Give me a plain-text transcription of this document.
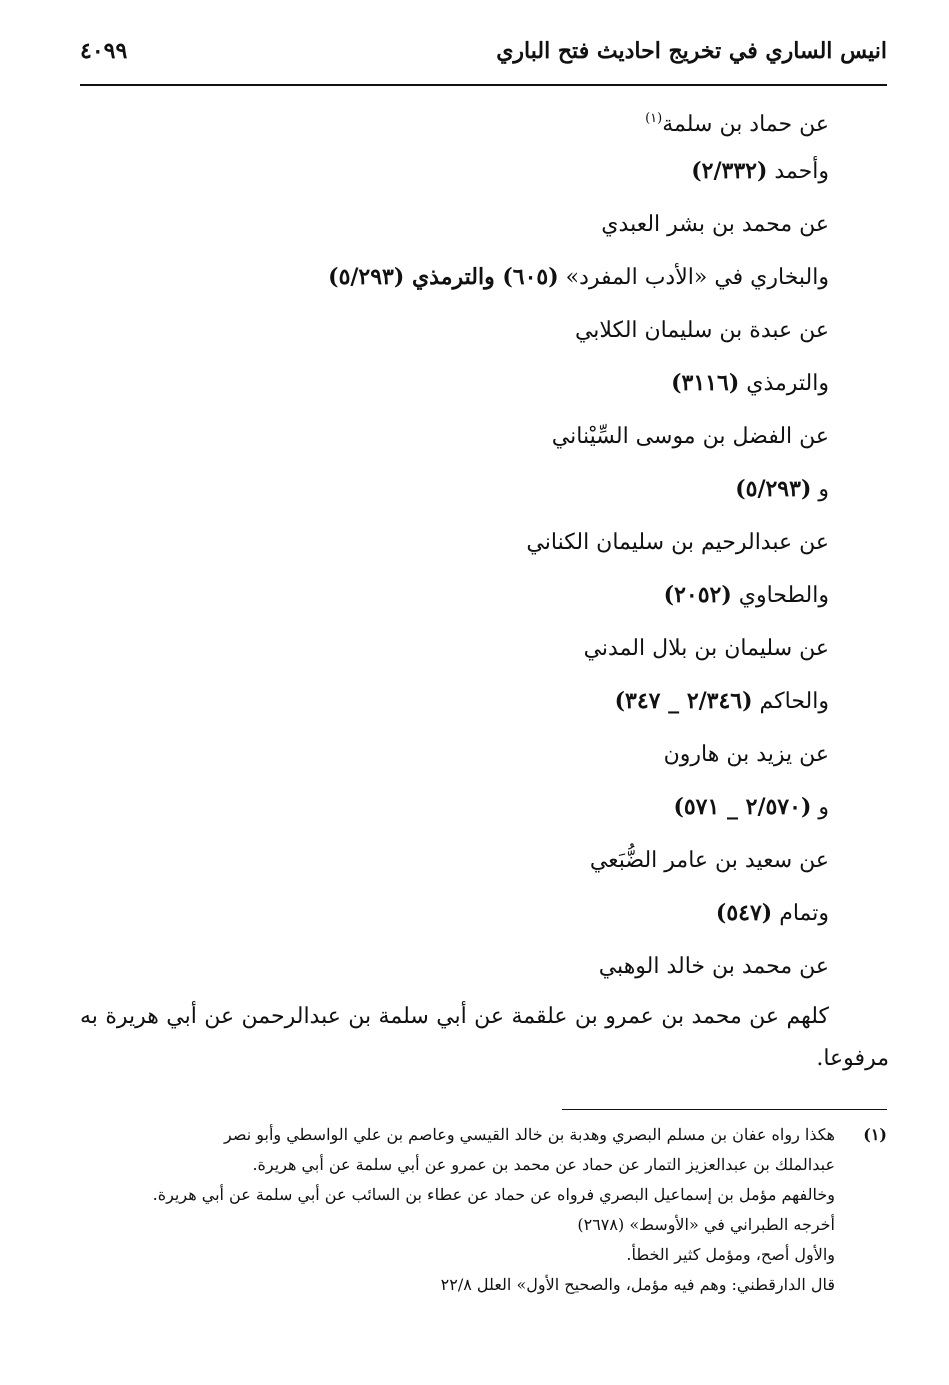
انيس الساري في تخريج احاديث فتح الباري
٤٠٩٩
عن حماد بن سلمة$^{(١)}$
وأحمد (٢/٣٣٢)
عن محمد بن بشر العبدي
والبخاري في «الأدب المفرد» (٦٠٥) والترمذي (٥/٢٩٣)
عن عبدة بن سليمان الكلابي
والترمذي (٣١١٦)
عن الفضل بن موسى السِّيْناني
و (٥/٢٩٣)
عن عبدالرحيم بن سليمان الكناني
والطحاوي (٢٠٥٢)
عن سليمان بن بلال المدني
والحاكم (٢/٣٤٦ _ ٣٤٧)
عن يزيد بن هارون
و (٢/٥٧٠ _ ٥٧١)
عن سعيد بن عامر الضُّبَعي
وتمام (٥٤٧)
عن محمد بن خالد الوهبي
كلهم عن محمد بن عمرو بن علقمة عن أبي سلمة بن عبدالرحمن عن أبي هريرة به مرفوعا.
(١)هكذا رواه عفان بن مسلم البصري وهدبة بن خالد القيسي وعاصم بن علي الواسطي وأبو نصر
عبدالملك بن عبدالعزيز التمار عن حماد عن محمد بن عمرو عن أبي سلمة عن أبي هريرة.
وخالفهم مؤمل بن إسماعيل البصري فرواه عن حماد عن عطاء بن السائب عن أبي سلمة عن أبي هريرة.
أخرجه الطبراني في «الأوسط» (٢٦٧٨)
والأول أصح، ومؤمل كثير الخطأ.
قال الدارقطني: وهم فيه مؤمل، والصحيح الأول» العلل ٢٢/٨
